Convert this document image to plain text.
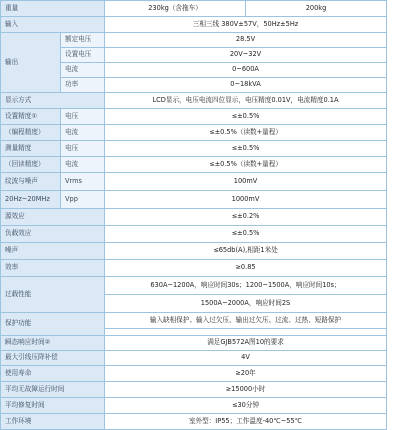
重量		230kg（含拖车）	200kg
输入		三相三线 380V±57V，50Hz±5Hz	
输出	额定电压	28.5V	
	设置电压	20V~32V	
	电流	0~600A	
	功率	0~18kVA	
显示方式		LCD显示，电压电流四位显示，电压精度0.01V，电流精度0.1A	
设置精度①	电压	≤±0.5%	
（编程精度）	电流	≤±0.5%（读数+量程）	
测量精度	电压	≤±0.5%	
（回读精度）	电流	≤±0.5%（读数+量程）	
纹波与噪声	Vrms	100mV	
20Hz~20MHz	Vpp	1000mV	
源效应		≤±0.2%	
负载效应		≤±0.5%	
噪声		≤65db(A),相距1米处	
效率		≥0.85	
过载性能		630A~1200A，响应时间30s；1200~1500A，响应时间10s；	
		1500A~2000A，响应时间2S	
保护功能		输入缺相保护、输入过欠压、输出过欠压、过流、过热、短路保护	

瞬态响应时间②		满足GJB572A图10的要求	
最大引线压降补偿		4V	
使用寿命		≥20年	
平均无故障运行时间		≥15000小时	
平均修复时间		≤30分钟	
工作环境		室外型：IP55；工作温度-40℃~55℃	
